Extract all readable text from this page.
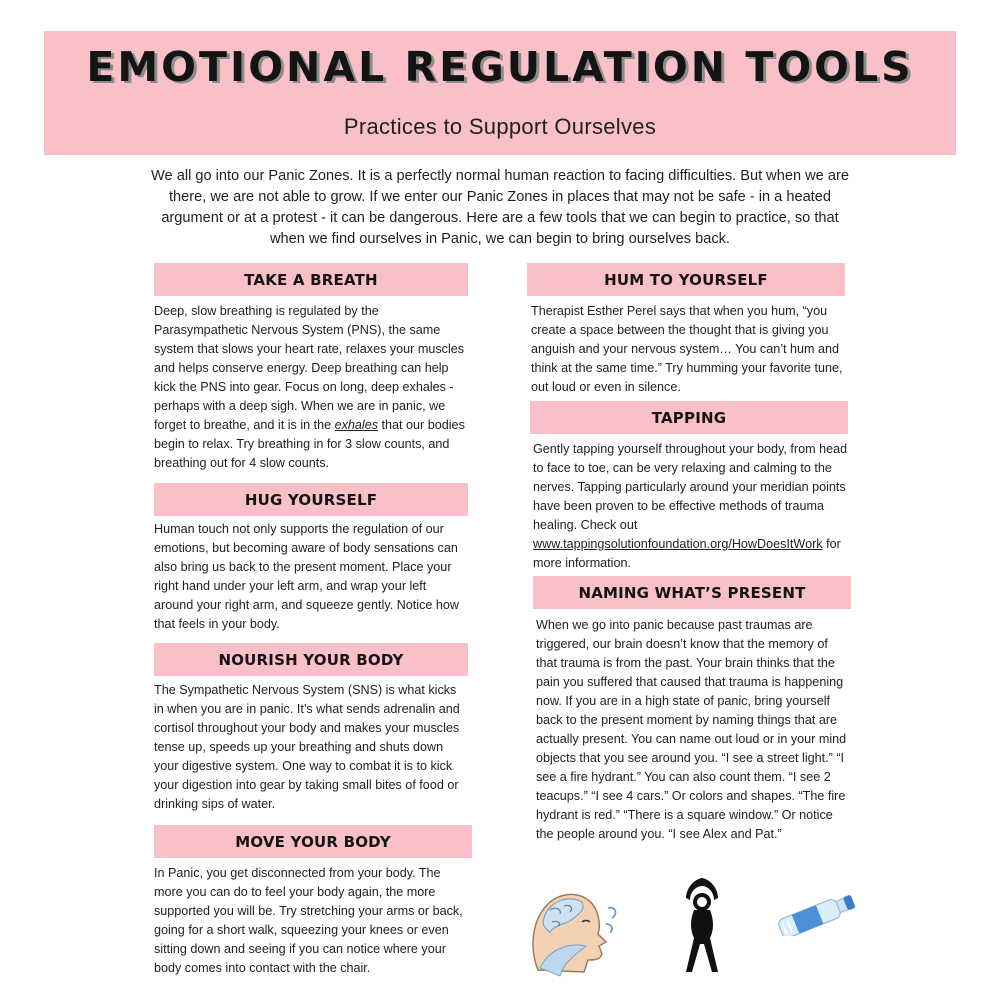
EMOTIONAL REGULATION TOOLS
Practices to Support Ourselves
We all go into our Panic Zones. It is a perfectly normal human reaction to facing difficulties. But when we are there, we are not able to grow. If we enter our Panic Zones in places that may not be safe - in a heated argument or at a protest - it can be dangerous. Here are a few tools that we can begin to practice, so that when we find ourselves in Panic, we can begin to bring ourselves back.
TAKE A BREATH
Deep, slow breathing is regulated by the Parasympathetic Nervous System (PNS), the same system that slows your heart rate, relaxes your muscles and helps conserve energy. Deep breathing can help kick the PNS into gear. Focus on long, deep exhales - perhaps with a deep sigh. When we are in panic, we forget to breathe, and it is in the exhales that our bodies begin to relax. Try breathing in for 3 slow counts, and breathing out for 4 slow counts.
HUG YOURSELF
Human touch not only supports the regulation of our emotions, but becoming aware of body sensations can also bring us back to the present moment. Place your right hand under your left arm, and wrap your left around your right arm, and squeeze gently. Notice how that feels in your body.
NOURISH YOUR BODY
The Sympathetic Nervous System (SNS) is what kicks in when you are in panic. It’s what sends adrenalin and cortisol throughout your body and makes your muscles tense up, speeds up your breathing and shuts down your digestive system. One way to combat it is to kick your digestion into gear by taking small bites of food or drinking sips of water.
MOVE YOUR BODY
In Panic, you get disconnected from your body. The more you can do to feel your body again, the more supported you will be. Try stretching your arms or back, going for a short walk, squeezing your knees or even sitting down and seeing if you can notice where your body comes into contact with the chair.
HUM TO YOURSELF
Therapist Esther Perel says that when you hum, “you create a space between the thought that is giving you anguish and your nervous system… You can’t hum and think at the same time.” Try humming your favorite tune, out loud or even in silence.
TAPPING
Gently tapping yourself throughout your body, from head to face to toe, can be very relaxing and calming to the nerves. Tapping particularly around your meridian points have been proven to be effective methods of trauma healing. Check out www.tappingsolutionfoundation.org/HowDoesItWork for more information.
NAMING WHAT’S PRESENT
When we go into panic because past traumas are triggered, our brain doesn’t know that the memory of that trauma is from the past. Your brain thinks that the pain you suffered that caused that trauma is happening now. If you are in a high state of panic, bring yourself back to the present moment by naming things that are actually present. You can name out loud or in your mind objects that you see around you. “I see a street light.” “I see a fire hydrant.” You can also count them. “I see 2 teacups.” “I see 4 cars.” Or colors and shapes. “The fire hydrant is red.” “There is a square window.” Or notice the people around you. “I see Alex and Pat.”
